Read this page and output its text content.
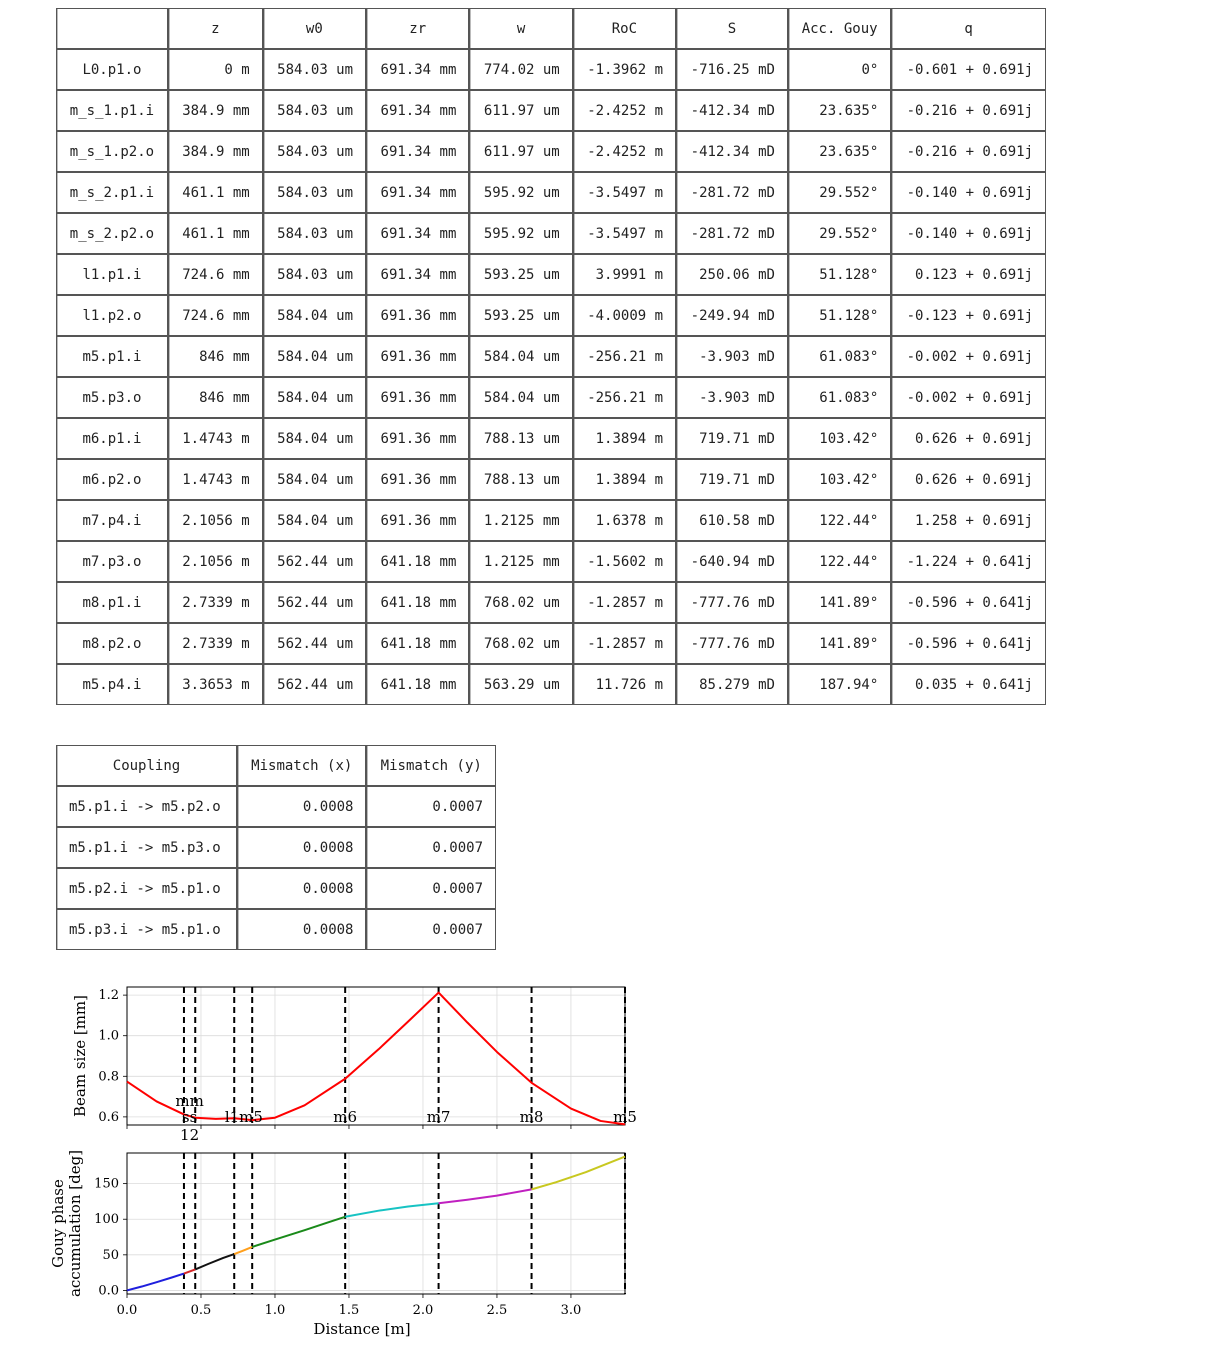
	z	w0	zr	w	RoC	S	Acc. Gouy	q
L0.p1.o	0 m	584.03 um	691.34 mm	774.02 um	-1.3962 m	-716.25 mD	0°	-0.601 + 0.691j
m_s_1.p1.i	384.9 mm	584.03 um	691.34 mm	611.97 um	-2.4252 m	-412.34 mD	23.635°	-0.216 + 0.691j
m_s_1.p2.o	384.9 mm	584.03 um	691.34 mm	611.97 um	-2.4252 m	-412.34 mD	23.635°	-0.216 + 0.691j
m_s_2.p1.i	461.1 mm	584.03 um	691.34 mm	595.92 um	-3.5497 m	-281.72 mD	29.552°	-0.140 + 0.691j
m_s_2.p2.o	461.1 mm	584.03 um	691.34 mm	595.92 um	-3.5497 m	-281.72 mD	29.552°	-0.140 + 0.691j
l1.p1.i	724.6 mm	584.03 um	691.34 mm	593.25 um	3.9991 m	250.06 mD	51.128°	0.123 + 0.691j
l1.p2.o	724.6 mm	584.04 um	691.36 mm	593.25 um	-4.0009 m	-249.94 mD	51.128°	-0.123 + 0.691j
m5.p1.i	846 mm	584.04 um	691.36 mm	584.04 um	-256.21 m	-3.903 mD	61.083°	-0.002 + 0.691j
m5.p3.o	846 mm	584.04 um	691.36 mm	584.04 um	-256.21 m	-3.903 mD	61.083°	-0.002 + 0.691j
m6.p1.i	1.4743 m	584.04 um	691.36 mm	788.13 um	1.3894 m	719.71 mD	103.42°	0.626 + 0.691j
m6.p2.o	1.4743 m	584.04 um	691.36 mm	788.13 um	1.3894 m	719.71 mD	103.42°	0.626 + 0.691j
m7.p4.i	2.1056 m	584.04 um	691.36 mm	1.2125 mm	1.6378 m	610.58 mD	122.44°	1.258 + 0.691j
m7.p3.o	2.1056 m	562.44 um	641.18 mm	1.2125 mm	-1.5602 m	-640.94 mD	122.44°	-1.224 + 0.641j
m8.p1.i	2.7339 m	562.44 um	641.18 mm	768.02 um	-1.2857 m	-777.76 mD	141.89°	-0.596 + 0.641j
m8.p2.o	2.7339 m	562.44 um	641.18 mm	768.02 um	-1.2857 m	-777.76 mD	141.89°	-0.596 + 0.641j
m5.p4.i	3.3653 m	562.44 um	641.18 mm	563.29 um	11.726 m	85.279 mD	187.94°	0.035 + 0.641j
Coupling	Mismatch (x)	Mismatch (y)
m5.p1.i -> m5.p2.o	0.0008	0.0007
m5.p1.i -> m5.p3.o	0.0008	0.0007
m5.p2.i -> m5.p1.o	0.0008	0.0007
m5.p3.i -> m5.p1.o	0.0008	0.0007
0.6
0.8
1.0
1.2
mm
ss
12
l1m5	m6	m7	m8	m5
Beam size [mm]
0.0
50
100
150
0.0	0.5	1.0	1.5	2.0	2.5	3.0
Gouy phase accumulation [deg]
Distance [m]
